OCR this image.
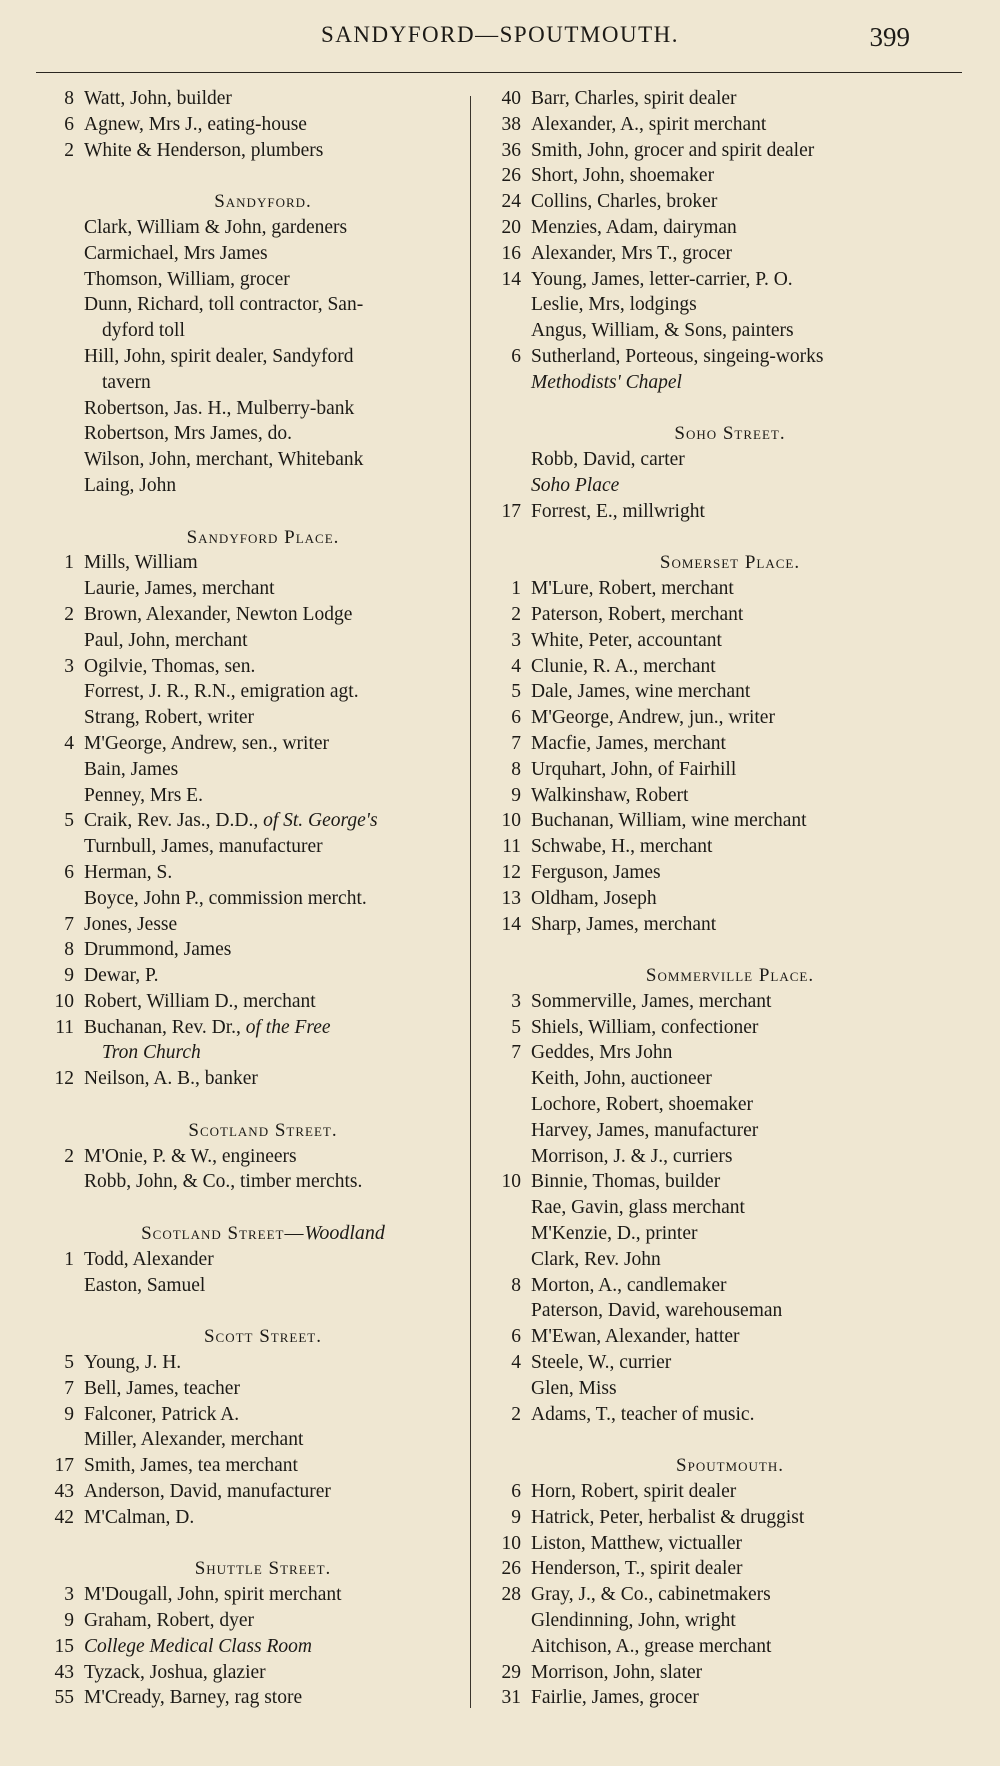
SANDYFORD—SPOUTMOUTH.	399
8 Watt, John, builder
6 Agnew, Mrs J., eating-house
2 White & Henderson, plumbers
Sandyford.
Clark, William & John, gardeners
Carmichael, Mrs James
Thomson, William, grocer
Dunn, Richard, toll contractor, San-
dyford toll
Hill, John, spirit dealer, Sandyford
tavern
Robertson, Jas. H., Mulberry-bank
Robertson, Mrs James, do.
Wilson, John, merchant, Whitebank
Laing, John
Sandyford Place.
1 Mills, William
Laurie, James, merchant
2 Brown, Alexander, Newton Lodge
Paul, John, merchant
3 Ogilvie, Thomas, sen.
Forrest, J. R., R.N., emigration agt.
Strang, Robert, writer
4 M'George, Andrew, sen., writer
Bain, James
Penney, Mrs E.
5 Craik, Rev. Jas., D.D., of St. George's
Turnbull, James, manufacturer
6 Herman, S.
Boyce, John P., commission mercht.
7 Jones, Jesse
8 Drummond, James
9 Dewar, P.
10 Robert, William D., merchant
11 Buchanan, Rev. Dr., of the Free
Tron Church
12 Neilson, A. B., banker
Scotland Street.
2 M'Onie, P. & W., engineers
Robb, John, & Co., timber merchts.
Scotland Street—Woodland
1 Todd, Alexander
Easton, Samuel
Scott Street.
5 Young, J. H.
7 Bell, James, teacher
9 Falconer, Patrick A.
Miller, Alexander, merchant
17 Smith, James, tea merchant
43 Anderson, David, manufacturer
42 M'Calman, D.
Shuttle Street.
3 M'Dougall, John, spirit merchant
9 Graham, Robert, dyer
15 College Medical Class Room
43 Tyzack, Joshua, glazier
55 M'Cready, Barney, rag store
40 Barr, Charles, spirit dealer
38 Alexander, A., spirit merchant
36 Smith, John, grocer and spirit dealer
26 Short, John, shoemaker
24 Collins, Charles, broker
20 Menzies, Adam, dairyman
16 Alexander, Mrs T., grocer
14 Young, James, letter-carrier, P. O.
Leslie, Mrs, lodgings
Angus, William, & Sons, painters
6 Sutherland, Porteous, singeing-works
Methodists' Chapel
Soho Street.
Robb, David, carter
Soho Place
17 Forrest, E., millwright
Somerset Place.
1 M'Lure, Robert, merchant
2 Paterson, Robert, merchant
3 White, Peter, accountant
4 Clunie, R. A., merchant
5 Dale, James, wine merchant
6 M'George, Andrew, jun., writer
7 Macfie, James, merchant
8 Urquhart, John, of Fairhill
9 Walkinshaw, Robert
10 Buchanan, William, wine merchant
11 Schwabe, H., merchant
12 Ferguson, James
13 Oldham, Joseph
14 Sharp, James, merchant
Sommerville Place.
3 Sommerville, James, merchant
5 Shiels, William, confectioner
7 Geddes, Mrs John
Keith, John, auctioneer
Lochore, Robert, shoemaker
Harvey, James, manufacturer
Morrison, J. & J., curriers
10 Binnie, Thomas, builder
Rae, Gavin, glass merchant
M'Kenzie, D., printer
Clark, Rev. John
8 Morton, A., candlemaker
Paterson, David, warehouseman
6 M'Ewan, Alexander, hatter
4 Steele, W., currier
Glen, Miss
2 Adams, T., teacher of music.
Spoutmouth.
6 Horn, Robert, spirit dealer
9 Hatrick, Peter, herbalist & druggist
10 Liston, Matthew, victualler
26 Henderson, T., spirit dealer
28 Gray, J., & Co., cabinetmakers
Glendinning, John, wright
Aitchison, A., grease merchant
29 Morrison, John, slater
31 Fairlie, James, grocer
